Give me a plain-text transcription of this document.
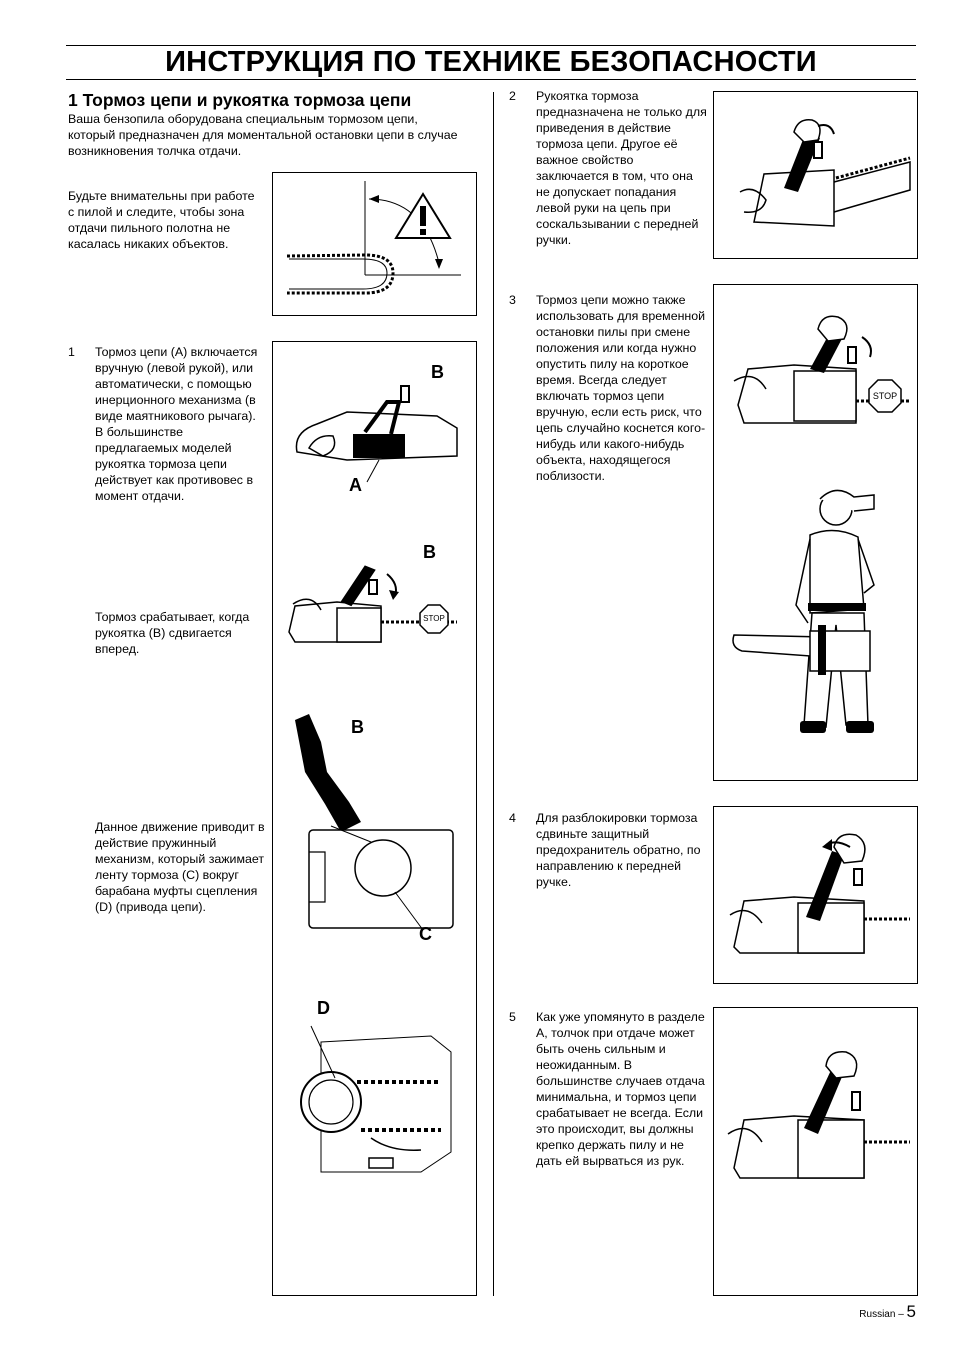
ИНСТРУКЦИЯ ПО ТЕХНИКЕ БЕЗОПАСНОСТИ
1 Тормоз цепи и рукоятка тормоза цепи
Ваша бензопила оборудована специальным тормозом цепи, который предназначен для моментальной остановки цепи в случае возникновения толчка отдачи.
Будьте внимательны при работе с пилой и следите, чтобы зона отдачи пильного полотна не касалась никаких объектов.
1 Тормоз цепи (А) включается вручную (левой рукой), или автоматически, с помощью инерционного механизма (в виде маятникового рычага). В большинстве предлагаемых моделей рукоятка тормоза цепи действует как противовес в момент отдачи.
Тормоз срабатывает, когда рукоятка (В) сдвигается вперед.
Данное движение приводит в действие пружинный механизм, который зажимает ленту тормоза (С) вокруг барабана муфты сцепления (D) (привода цепи).
2 Рукоятка тормоза предназначена не только для приведения в действие тормоза цепи. Другое её важное свойство заключается в том, что она не допускает попадания левой руки на цепь при соскальзывании с передней ручки.
3 Тормоз цепи можно также использовать для временной остановки пилы при смене положения или когда нужно опустить пилу на короткое время. Всегда следует включать тормоз цепи вручную, если есть риск, что цепь случайно коснется кого-нибудь или какого-нибудь объекта, находящегося поблизости.
4 Для разблокировки тормоза сдвиньте защитный предохранитель обратно, по направлению к передней ручке.
5 Как уже упомянуто в разделе А, толчок при отдаче может быть очень сильным и неожиданным. В большинстве случаев отдача минимальна, и тормоз цепи срабатывает не всегда. Если это происходит, вы должны крепко держать пилу и не дать ей вырваться из рук.
B
A
STOP
B
B
C
D
STOP
Russian – 5
